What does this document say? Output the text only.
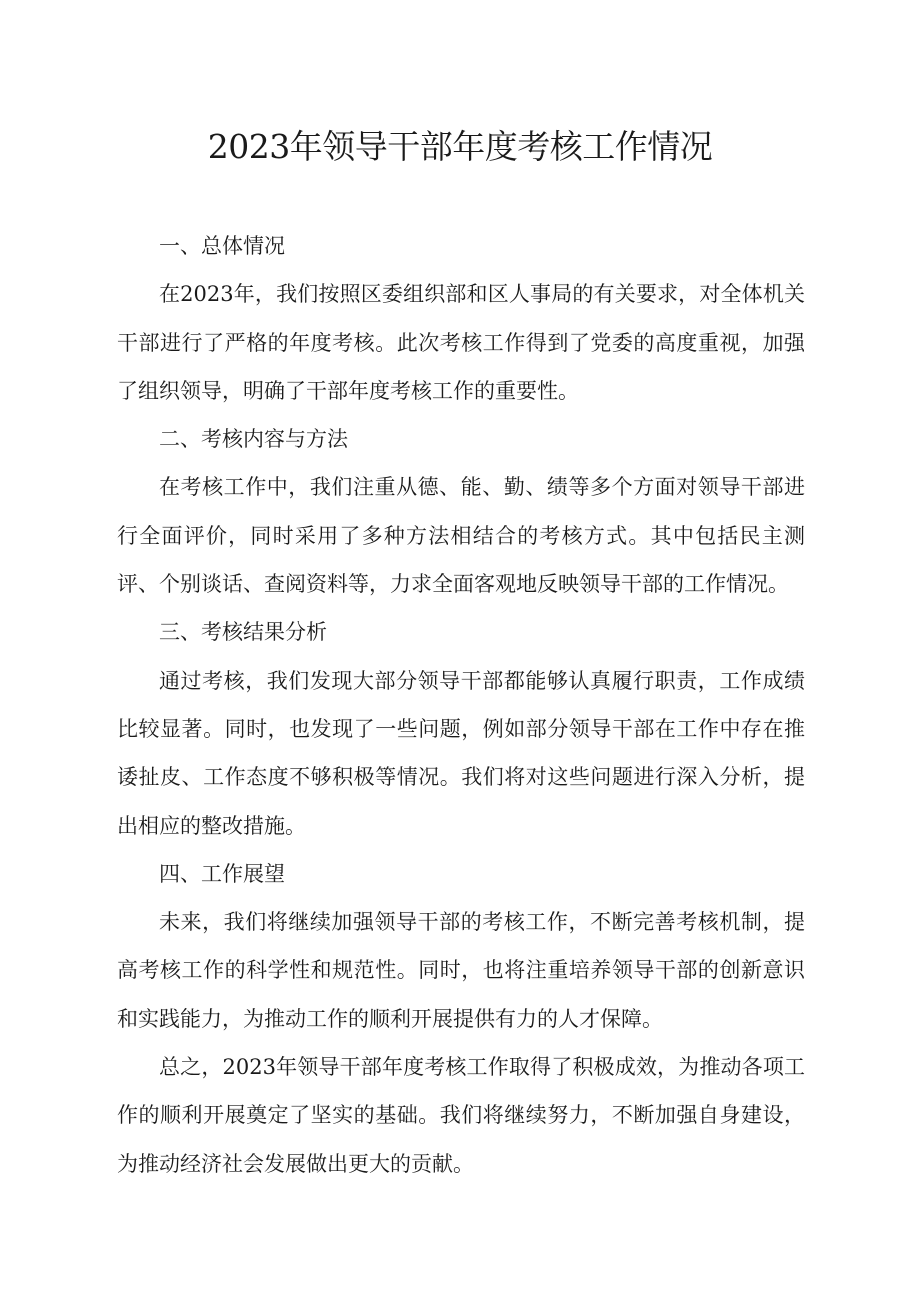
2023年领导干部年度考核工作情况

一、总体情况

在2023年，我们按照区委组织部和区人事局的有关要求，对全体机关干部进行了严格的年度考核。此次考核工作得到了党委的高度重视，加强了组织领导，明确了干部年度考核工作的重要性。

二、考核内容与方法

在考核工作中，我们注重从德、能、勤、绩等多个方面对领导干部进行全面评价，同时采用了多种方法相结合的考核方式。其中包括民主测评、个别谈话、查阅资料等，力求全面客观地反映领导干部的工作情况。

三、考核结果分析

通过考核，我们发现大部分领导干部都能够认真履行职责，工作成绩比较显著。同时，也发现了一些问题，例如部分领导干部在工作中存在推诿扯皮、工作态度不够积极等情况。我们将对这些问题进行深入分析，提出相应的整改措施。

四、工作展望

未来，我们将继续加强领导干部的考核工作，不断完善考核机制，提高考核工作的科学性和规范性。同时，也将注重培养领导干部的创新意识和实践能力，为推动工作的顺利开展提供有力的人才保障。

总之，2023年领导干部年度考核工作取得了积极成效，为推动各项工作的顺利开展奠定了坚实的基础。我们将继续努力，不断加强自身建设，为推动经济社会发展做出更大的贡献。
